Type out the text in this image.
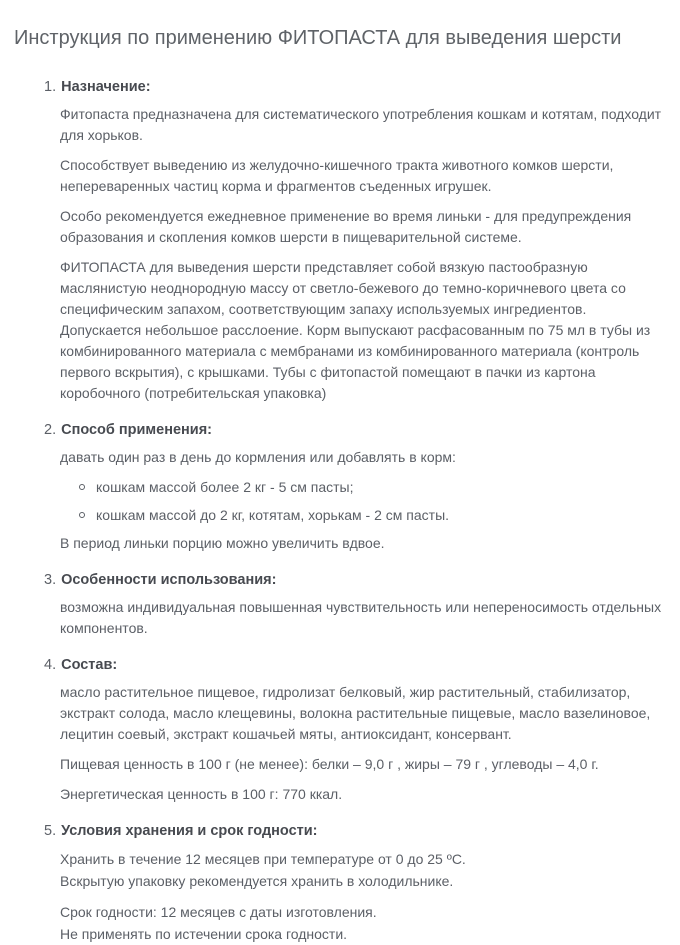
Инструкция по применению ФИТОПАСТА для выведения шерсти
1. Назначение:

Фитопаста предназначена для систематического употребления кошкам и котятам, подходит для хорьков.

Способствует выведению из желудочно-кишечного тракта животного комков шерсти, непереваренных частиц корма и фрагментов съеденных игрушек.

Особо рекомендуется ежедневное применение во время линьки - для предупреждения образования и скопления комков шерсти в пищеварительной системе.

ФИТОПАСТА для выведения шерсти представляет собой вязкую пастообразную маслянистую неоднородную массу от светло-бежевого до темно-коричневого цвета со специфическим запахом, соответствующим запаху используемых ингредиентов. Допускается небольшое расслоение. Корм выпускают расфасованным по 75 мл в тубы из комбинированного материала с мембранами из комбинированного материала (контроль первого вскрытия), с крышками. Тубы с фитопастой помещают в пачки из картона коробочного (потребительская упаковка)

2. Способ применения:

давать один раз в день до кормления или добавлять в корм:

кошкам массой более 2 кг - 5 см пасты;
кошкам массой до 2 кг, котятам, хорькам - 2 см пасты.

В период линьки порцию можно увеличить вдвое.

3. Особенности использования:

возможна индивидуальная повышенная чувствительность или непереносимость отдельных компонентов.

4. Состав:

масло растительное пищевое, гидролизат белковый, жир растительный, стабилизатор, экстракт солода, масло клещевины, волокна растительные пищевые, масло вазелиновое, лецитин соевый, экстракт кошачьей мяты, антиоксидант, консервант.

Пищевая ценность в 100 г (не менее): белки – 9,0 г , жиры – 79 г , углеводы – 4,0 г.

Энергетическая ценность в 100 г: 770 ккал.

5. Условия хранения и срок годности:

Хранить в течение 12 месяцев при температуре от 0 до 25 ºС.
Вскрытую упаковку рекомендуется хранить в холодильнике.

Срок годности: 12 месяцев с даты изготовления.
Не применять по истечении срока годности.
